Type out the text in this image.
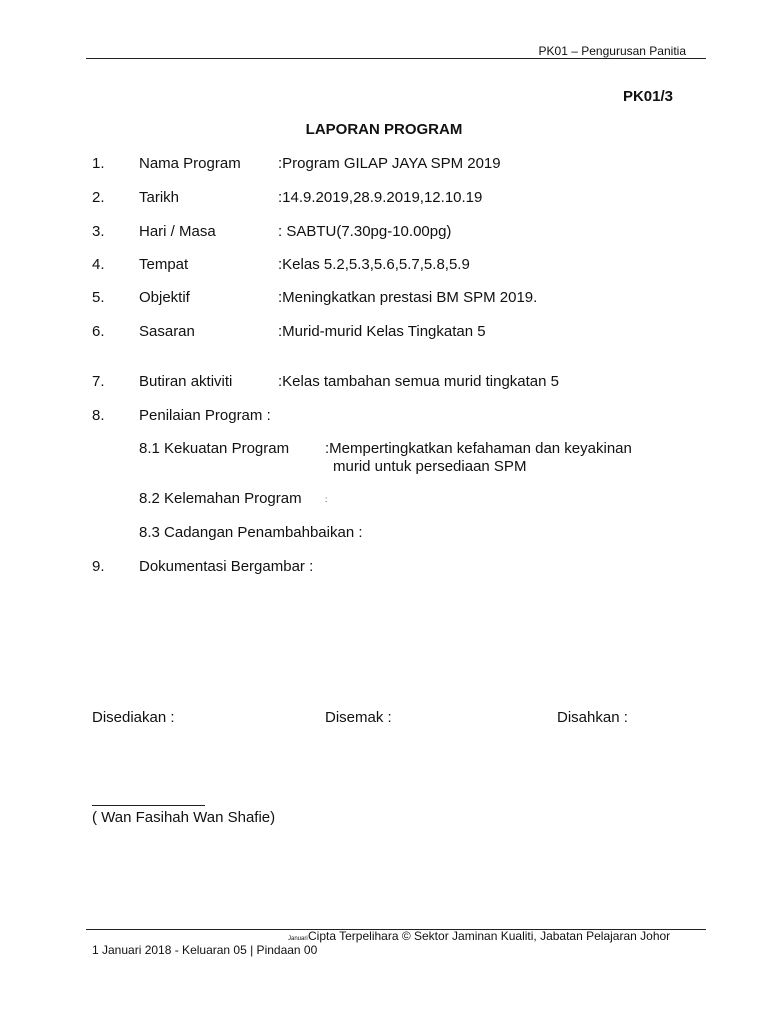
PK01 – Pengurusan Panitia
PK01/3
LAPORAN PROGRAM
1. Nama Program :Program GILAP JAYA SPM 2019
2. Tarikh	:14.9.2019,28.9.2019,12.10.19
3. Hari / Masa	: SABTU(7.30pg-10.00pg)
4. Tempat	:Kelas 5.2,5.3,5.6,5.7,5.8,5.9
5. Objektif	:Meningkatkan prestasi BM SPM 2019.
6. Sasaran	:Murid-murid Kelas Tingkatan 5
7. Butiran aktiviti	:Kelas tambahan semua murid tingkatan 5
8. Penilaian Program :
8.1 Kekuatan Program :Mempertingkatkan kefahaman dan keyakinan
murid untuk persediaan SPM
8.2 Kelemahan Program	:
8.3 Cadangan Penambahbaikan :
9. Dokumentasi Bergambar :
Disediakan :	Disemak :	Disahkan :
( Wan Fasihah Wan Shafie)
Januari Cipta Terpelihara © Sektor Jaminan Kualiti, Jabatan Pelajaran Johor
1 Januari 2018 - Keluaran 05 | Pindaan 00
